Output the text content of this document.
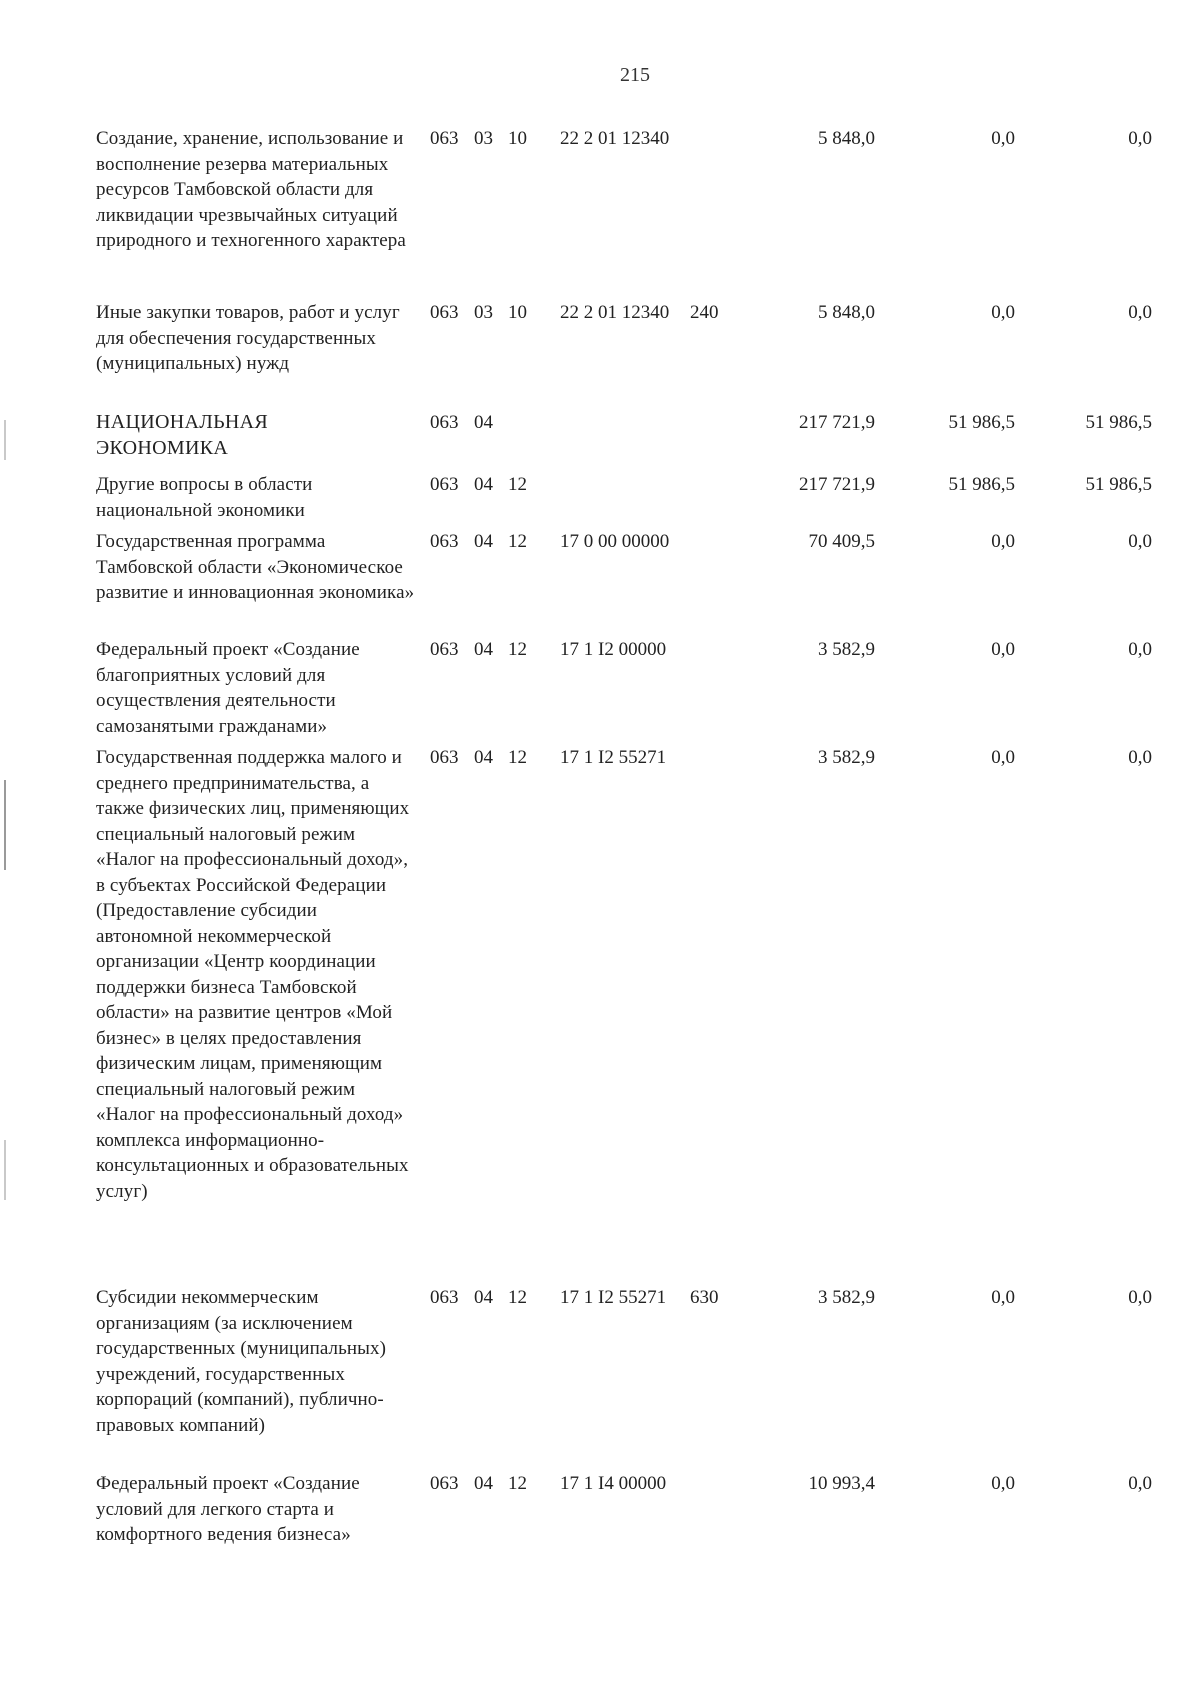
215
Создание, хранение, использование и восполнение резерва материальных ресурсов Тамбовской области для ликвидации чрезвычайных ситуаций природного и техногенного характера
063 03 10	22 2 01 12340	5 848,0	0,0	0,0
Иные закупки товаров, работ и услуг для обеспечения государственных (муниципальных) нужд
063 03 10	22 2 01 12340	240	5 848,0	0,0	0,0
НАЦИОНАЛЬНАЯ ЭКОНОМИКА
063 04	217 721,9	51 986,5	51 986,5
Другие вопросы в области национальной экономики
063 04 12	217 721,9	51 986,5	51 986,5
Государственная программа Тамбовской области «Экономическое развитие и инновационная экономика»
063 04 12	17 0 00 00000	70 409,5	0,0	0,0
Федеральный проект «Создание благоприятных условий для осуществления деятельности самозанятыми гражданами»
063 04 12	17 1 I2 00000	3 582,9	0,0	0,0
Государственная поддержка малого и среднего предпринимательства, а также физических лиц, применяющих специальный налоговый режим «Налог на профессиональный доход», в субъектах Российской Федерации (Предоставление субсидии автономной некоммерческой организации «Центр координации поддержки бизнеса Тамбовской области» на развитие центров «Мой бизнес» в целях предоставления физическим лицам, применяющим специальный налоговый режим «Налог на профессиональный доход» комплекса информационно-консультационных и образовательных услуг)
063 04 12	17 1 I2 55271	3 582,9	0,0	0,0
Субсидии некоммерческим организациям (за исключением государственных (муниципальных) учреждений, государственных корпораций (компаний), публично-правовых компаний)
063 04 12	17 1 I2 55271	630	3 582,9	0,0	0,0
Федеральный проект «Создание условий для легкого старта и комфортного ведения бизнеса»
063 04 12	17 1 I4 00000	10 993,4	0,0	0,0
